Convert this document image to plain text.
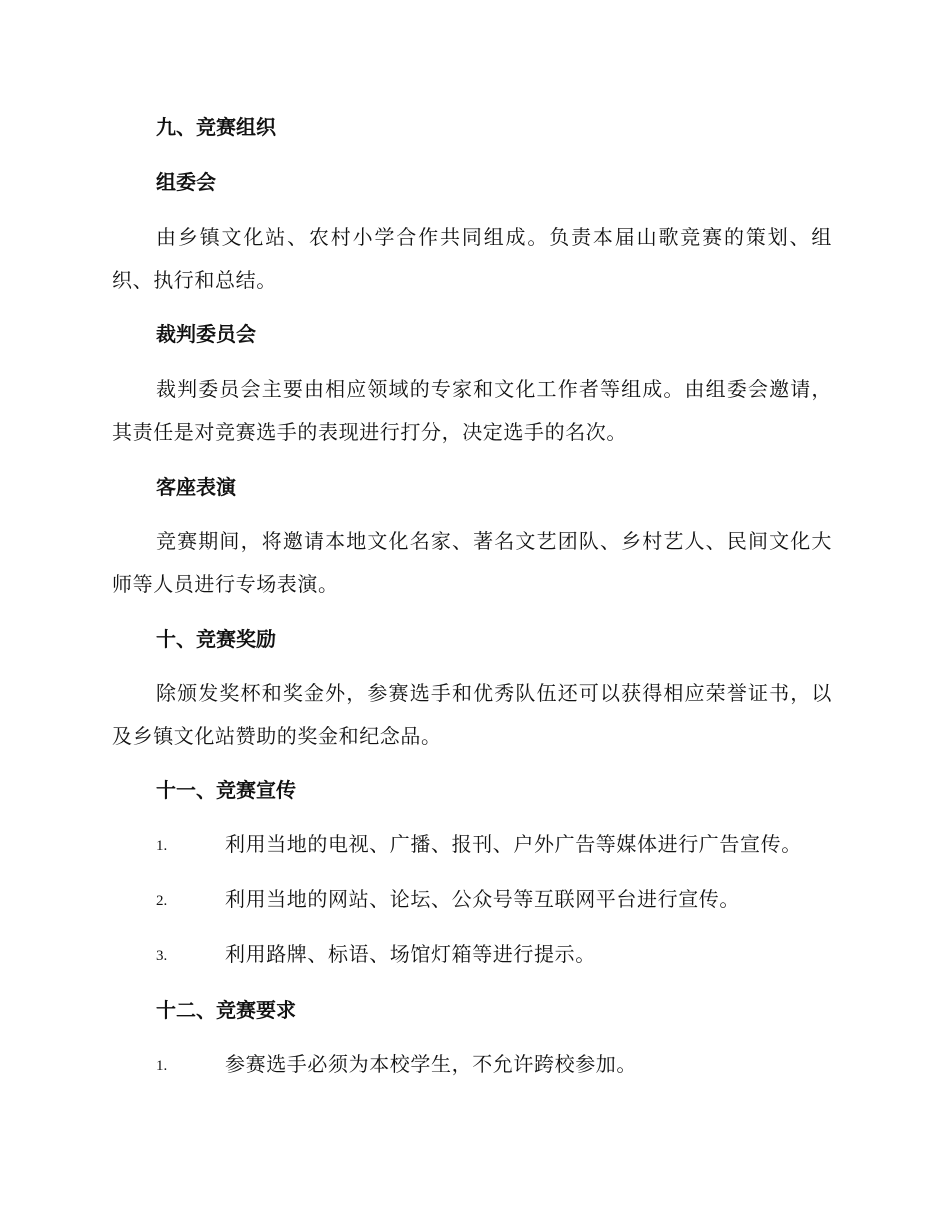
九、竞赛组织
组委会
由乡镇文化站、农村小学合作共同组成。负责本届山歌竞赛的策划、组织、执行和总结。
裁判委员会
裁判委员会主要由相应领域的专家和文化工作者等组成。由组委会邀请，其责任是对竞赛选手的表现进行打分，决定选手的名次。
客座表演
竞赛期间，将邀请本地文化名家、著名文艺团队、乡村艺人、民间文化大师等人员进行专场表演。
十、竞赛奖励
除颁发奖杯和奖金外，参赛选手和优秀队伍还可以获得相应荣誉证书，以及乡镇文化站赞助的奖金和纪念品。
十一、竞赛宣传
1.	利用当地的电视、广播、报刊、户外广告等媒体进行广告宣传。
2.	利用当地的网站、论坛、公众号等互联网平台进行宣传。
3.	利用路牌、标语、场馆灯箱等进行提示。
十二、竞赛要求
1.	参赛选手必须为本校学生，不允许跨校参加。
